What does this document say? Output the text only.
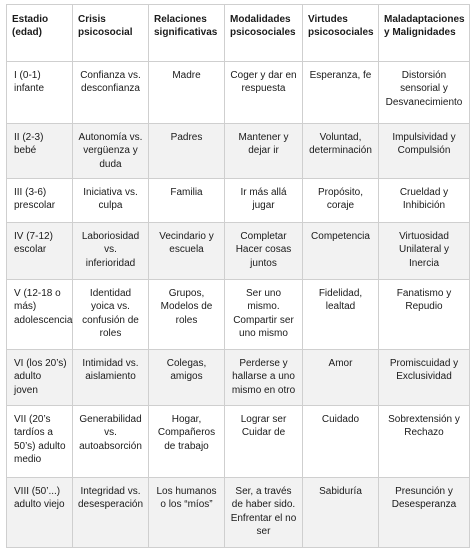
Estadio (edad)	Crisis psicosocial	Relaciones significativas	Modalidades psicosociales	Virtudes psicosociales	Maladaptaciones y Malignidades
I (0-1) infante	Confianza vs. desconfianza	Madre	Coger y dar en respuesta	Esperanza, fe	Distorsión sensorial y Desvanecimiento
II (2-3) bebé	Autonomía vs. vergüenza y duda	Padres	Mantener y dejar ir	Voluntad, determinación	Impulsividad y Compulsión
III (3-6) prescolar	Iniciativa vs. culpa	Familia	Ir más allá jugar	Propósito, coraje	Crueldad y Inhibición
IV (7-12) escolar	Laboriosidad vs. inferioridad	Vecindario y escuela	Completar Hacer cosas juntos	Competencia	Virtuosidad Unilateral y Inercia
V (12-18 o más) adolescencia	Identidad yoica vs. confusión de roles	Grupos, Modelos de roles	Ser uno mismo. Compartir ser uno mismo	Fidelidad, lealtad	Fanatismo y Repudio
VI (los 20’s) adulto joven	Intimidad vs. aislamiento	Colegas, amigos	Perderse y hallarse a uno mismo en otro	Amor	Promiscuidad y Exclusividad
VII (20’s tardíos a 50’s) adulto medio	Generabilidad vs. autoabsorción	Hogar, Compañeros de trabajo	Lograr ser Cuidar de	Cuidado	Sobrextensión y Rechazo
VIII (50’...) adulto viejo	Integridad vs. desesperación	Los humanos o los “míos”	Ser, a través de haber sido. Enfrentar el no ser	Sabiduría	Presunción y Desesperanza
